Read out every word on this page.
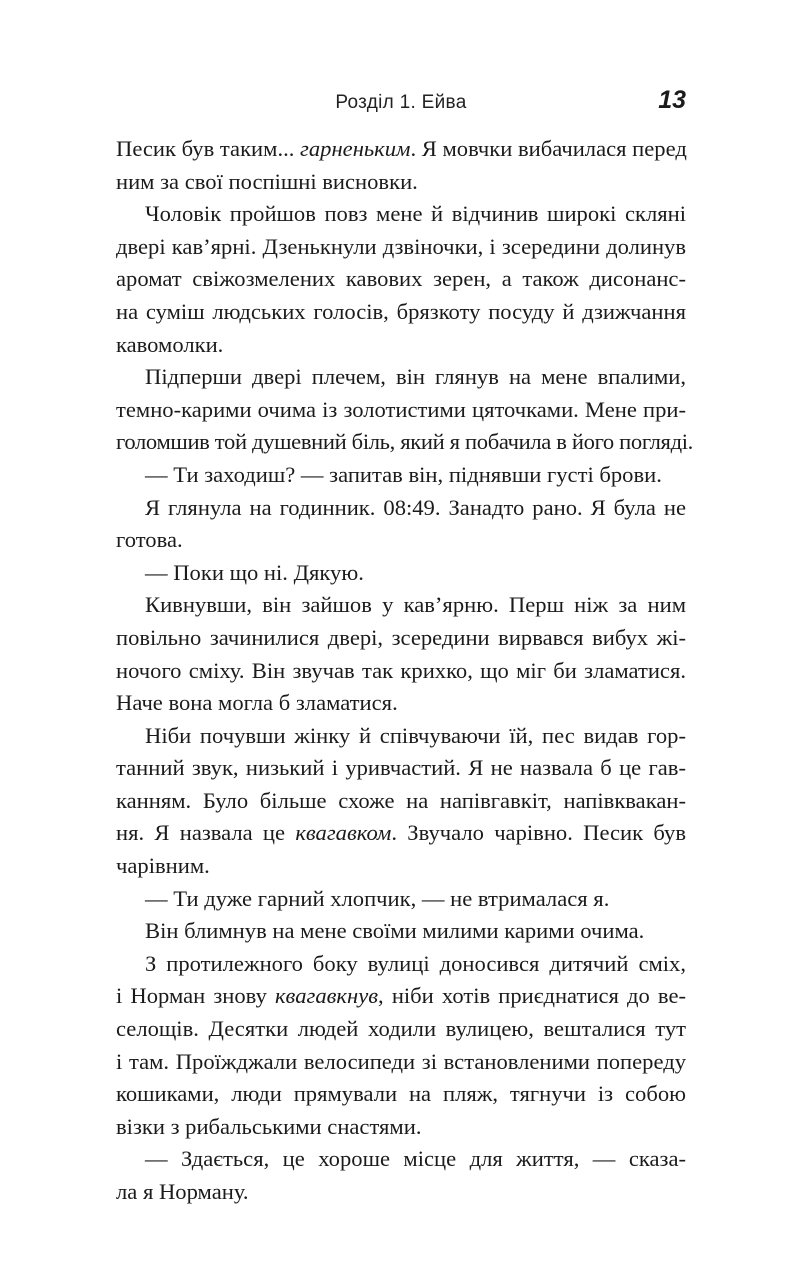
Розділ 1. Ейва	13

Песик був таким... гарненьким. Я мовчки вибачилася перед
ним за свої поспішні висновки.

Чоловік пройшов повз мене й відчинив широкі скляні
двері кав’ярні. Дзенькнули дзвіночки, і зсередини долинув
аромат свіжозмелених кавових зерен, а також дисонанс-
на суміш людських голосів, брязкоту посуду й дзижчання
кавомолки.

Підперши двері плечем, він глянув на мене впалими,
темно-карими очима із золотистими цяточками. Мене при-
голомшив той душевний біль, який я побачила в його погляді.

— Ти заходиш? — запитав він, піднявши густі брови.

Я глянула на годинник. 08:49. Занадто рано. Я була не
готова.

— Поки що ні. Дякую.

Кивнувши, він зайшов у кав’ярню. Перш ніж за ним
повільно зачинилися двері, зсередини вирвався вибух жі-
ночого сміху. Він звучав так крихко, що міг би зламатися.
Наче вона могла б зламатися.

Ніби почувши жінку й співчуваючи їй, пес видав гор-
танний звук, низький і уривчастий. Я не назвала б це гав-
канням. Було більше схоже на напівгавкіт, напівквакан-
ня. Я назвала це квагавком. Звучало чарівно. Песик був
чарівним.

— Ти дуже гарний хлопчик, — не втрималася я.

Він блимнув на мене своїми милими карими очима.

З протилежного боку вулиці доносився дитячий сміх,
і Норман знову квагавкнув, ніби хотів приєднатися до ве-
селощів. Десятки людей ходили вулицею, вешталися тут
і там. Проїжджали велосипеди зі встановленими попереду
кошиками, люди прямували на пляж, тягнучи із собою
візки з рибальськими снастями.

— Здається, це хороше місце для життя, — сказа-
ла я Норману.
